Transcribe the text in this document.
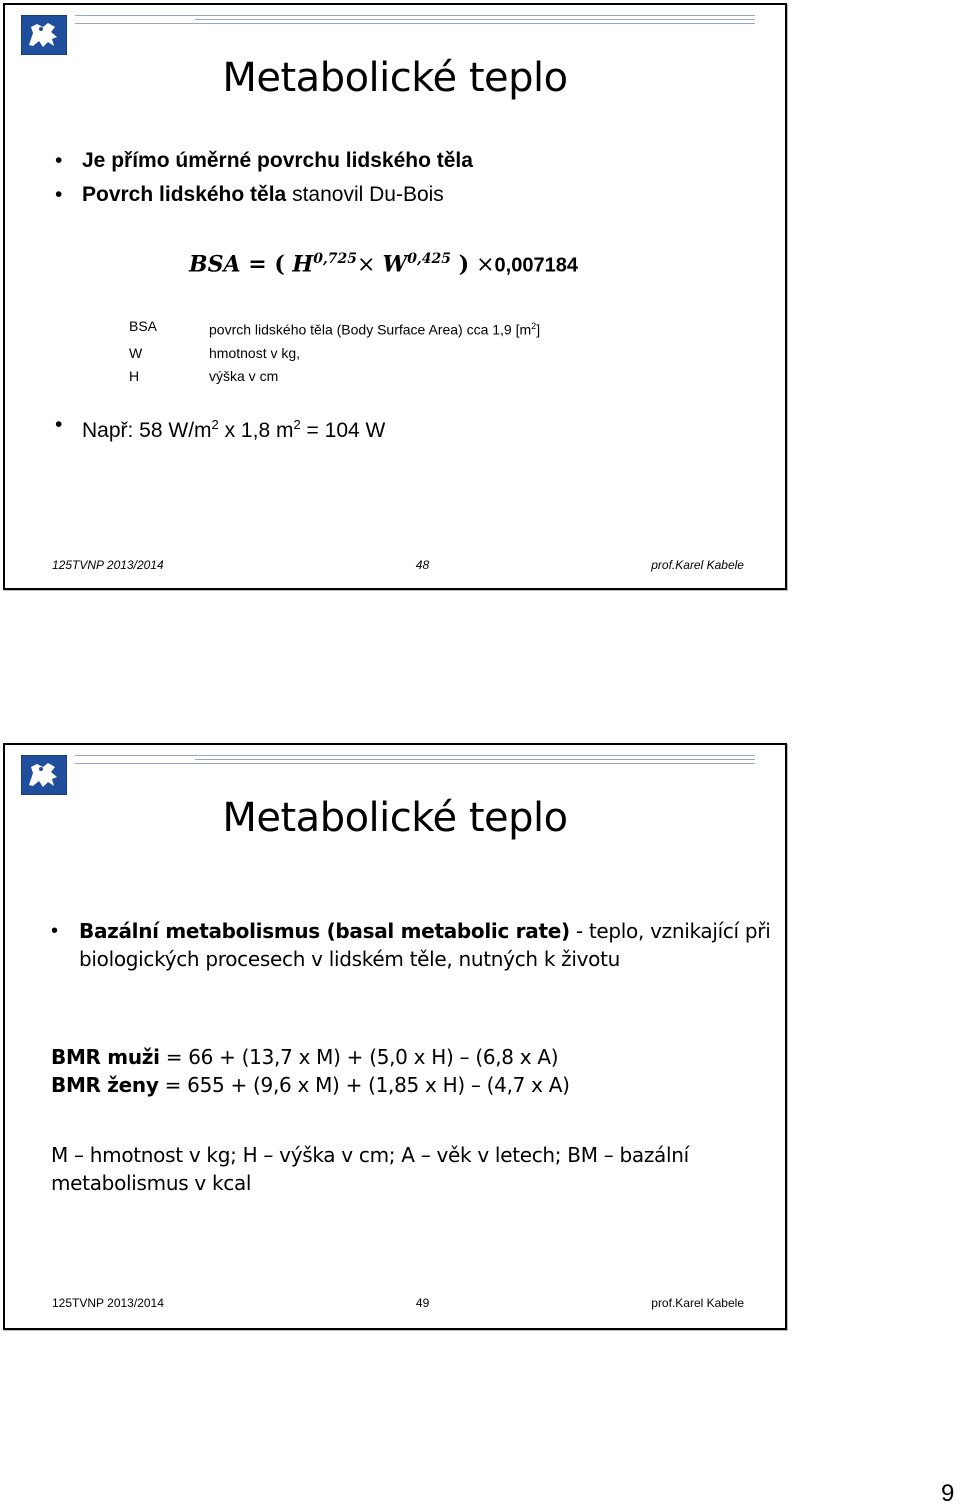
Metabolické teplo
• Je přímo úměrné povrchu lidského těla
• Povrch lidského těla stanovil Du-Bois
BSA = ( H$^{0,725}$× W$^{0,425}$ ) ×0,007184
BSA	povrch lidského těla (Body Surface Area) cca 1,9 $[m^2]$
W	hmotnost v kg,
H	výška v cm
• Např: 58 $W/m^2$ x 1,8 $m^2 = 104$ W
125TVNP 2013/2014	48	prof.Karel Kabele
Metabolické teplo
• Bazální metabolismus (basal metabolic rate) - teplo, vznikající při biologických procesech v lidském těle, nutných k životu
BMR muži = 66 + (13,7 x M) + (5,0 x H) – (6,8 x A)
BMR ženy = 655 + (9,6 x M) + (1,85 x H) – (4,7 x A)
M – hmotnost v kg; H – výška v cm; A – věk v letech; BM – bazální metabolismus v kcal
125TVNP 2013/2014	49	prof.Karel Kabele
9
